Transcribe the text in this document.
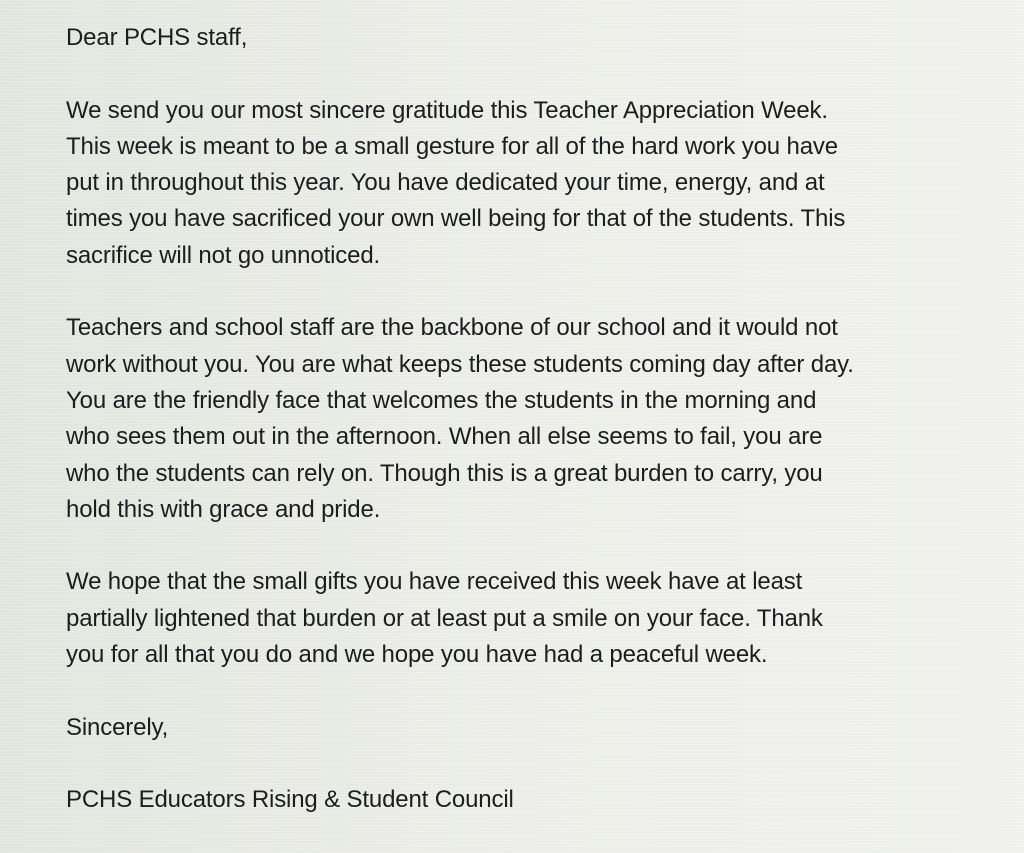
Dear PCHS staff,
We send you our most sincere gratitude this Teacher Appreciation Week.
This week is meant to be a small gesture for all of the hard work you have
put in throughout this year. You have dedicated your time, energy, and at
times you have sacrificed your own well being for that of the students. This
sacrifice will not go unnoticed.
Teachers and school staff are the backbone of our school and it would not
work without you. You are what keeps these students coming day after day.
You are the friendly face that welcomes the students in the morning and
who sees them out in the afternoon. When all else seems to fail, you are
who the students can rely on. Though this is a great burden to carry, you
hold this with grace and pride.
We hope that the small gifts you have received this week have at least
partially lightened that burden or at least put a smile on your face. Thank
you for all that you do and we hope you have had a peaceful week.
Sincerely,
PCHS Educators Rising & Student Council
